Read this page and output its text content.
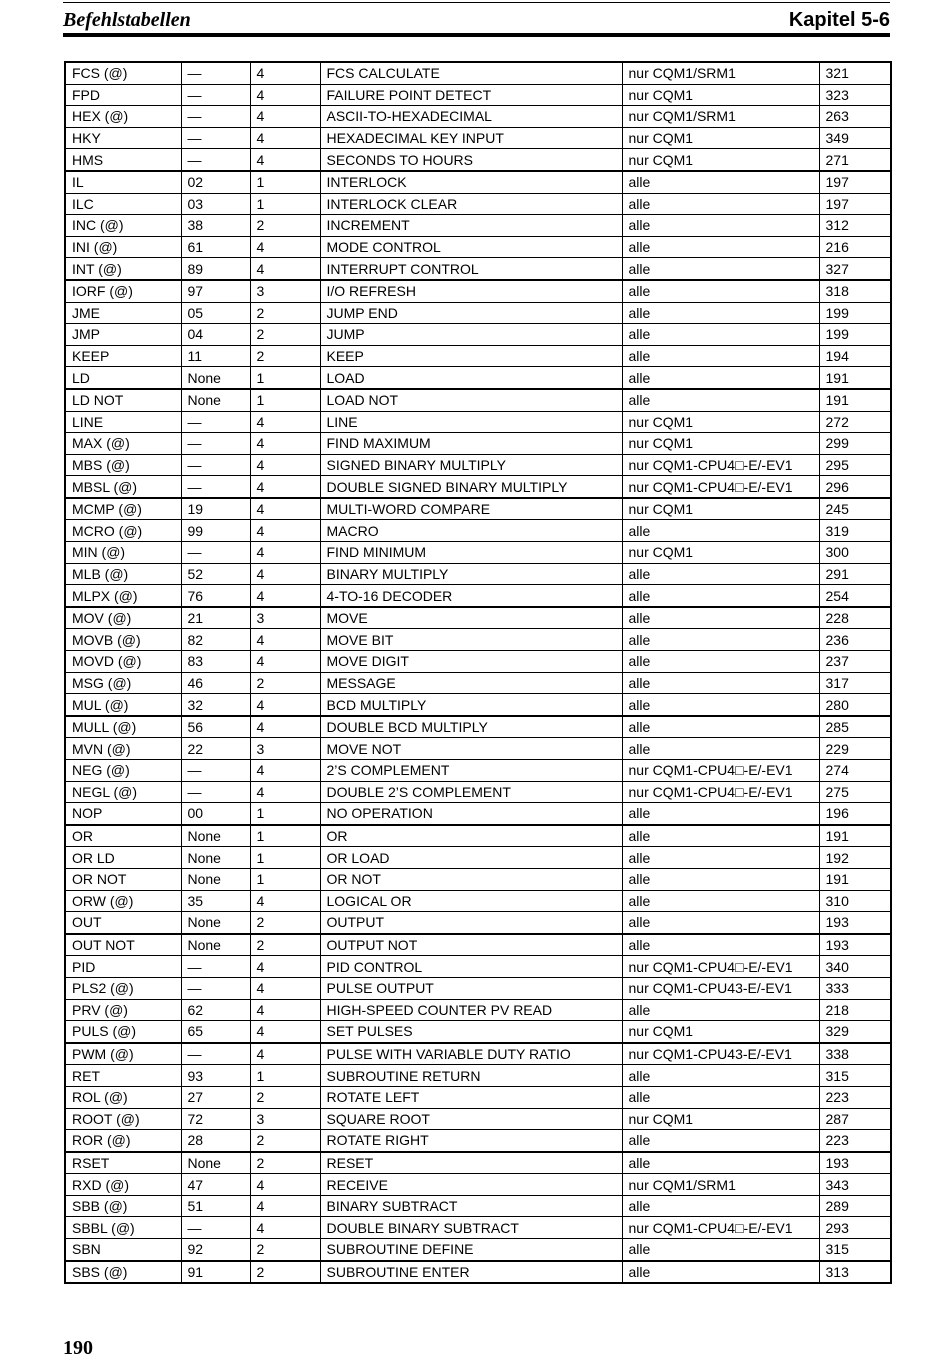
Befehlstabellen	Kapitel 5-6
FCS (@)	—	4	FCS CALCULATE	nur CQM1/SRM1	321
FPD	—	4	FAILURE POINT DETECT	nur CQM1	323
HEX (@)	—	4	ASCII-TO-HEXADECIMAL	nur CQM1/SRM1	263
HKY	—	4	HEXADECIMAL KEY INPUT	nur CQM1	349
HMS	—	4	SECONDS TO HOURS	nur CQM1	271
IL	02	1	INTERLOCK	alle	197
ILC	03	1	INTERLOCK CLEAR	alle	197
INC (@)	38	2	INCREMENT	alle	312
INI (@)	61	4	MODE CONTROL	alle	216
INT (@)	89	4	INTERRUPT CONTROL	alle	327
IORF (@)	97	3	I/O REFRESH	alle	318
JME	05	2	JUMP END	alle	199
JMP	04	2	JUMP	alle	199
KEEP	11	2	KEEP	alle	194
LD	None	1	LOAD	alle	191
LD NOT	None	1	LOAD NOT	alle	191
LINE	—	4	LINE	nur CQM1	272
MAX (@)	—	4	FIND MAXIMUM	nur CQM1	299
MBS (@)	—	4	SIGNED BINARY MULTIPLY	nur CQM1-CPU4□-E/-EV1	295
MBSL (@)	—	4	DOUBLE SIGNED BINARY MULTIPLY	nur CQM1-CPU4□-E/-EV1	296
MCMP (@)	19	4	MULTI-WORD COMPARE	nur CQM1	245
MCRO (@)	99	4	MACRO	alle	319
MIN (@)	—	4	FIND MINIMUM	nur CQM1	300
MLB (@)	52	4	BINARY MULTIPLY	alle	291
MLPX (@)	76	4	4-TO-16 DECODER	alle	254
MOV (@)	21	3	MOVE	alle	228
MOVB (@)	82	4	MOVE BIT	alle	236
MOVD (@)	83	4	MOVE DIGIT	alle	237
MSG (@)	46	2	MESSAGE	alle	317
MUL (@)	32	4	BCD MULTIPLY	alle	280
MULL (@)	56	4	DOUBLE BCD MULTIPLY	alle	285
MVN (@)	22	3	MOVE NOT	alle	229
NEG (@)	—	4	2’S COMPLEMENT	nur CQM1-CPU4□-E/-EV1	274
NEGL (@)	—	4	DOUBLE 2’S COMPLEMENT	nur CQM1-CPU4□-E/-EV1	275
NOP	00	1	NO OPERATION	alle	196
OR	None	1	OR	alle	191
OR LD	None	1	OR LOAD	alle	192
OR NOT	None	1	OR NOT	alle	191
ORW (@)	35	4	LOGICAL OR	alle	310
OUT	None	2	OUTPUT	alle	193
OUT NOT	None	2	OUTPUT NOT	alle	193
PID	—	4	PID CONTROL	nur CQM1-CPU4□-E/-EV1	340
PLS2 (@)	—	4	PULSE OUTPUT	nur CQM1-CPU43-E/-EV1	333
PRV (@)	62	4	HIGH-SPEED COUNTER PV READ	alle	218
PULS (@)	65	4	SET PULSES	nur CQM1	329
PWM (@)	—	4	PULSE WITH VARIABLE DUTY RATIO	nur CQM1-CPU43-E/-EV1	338
RET	93	1	SUBROUTINE RETURN	alle	315
ROL (@)	27	2	ROTATE LEFT	alle	223
ROOT (@)	72	3	SQUARE ROOT	nur CQM1	287
ROR (@)	28	2	ROTATE RIGHT	alle	223
RSET	None	2	RESET	alle	193
RXD (@)	47	4	RECEIVE	nur CQM1/SRM1	343
SBB (@)	51	4	BINARY SUBTRACT	alle	289
SBBL (@)	—	4	DOUBLE BINARY SUBTRACT	nur CQM1-CPU4□-E/-EV1	293
SBN	92	2	SUBROUTINE DEFINE	alle	315
SBS (@)	91	2	SUBROUTINE ENTER	alle	313
190
